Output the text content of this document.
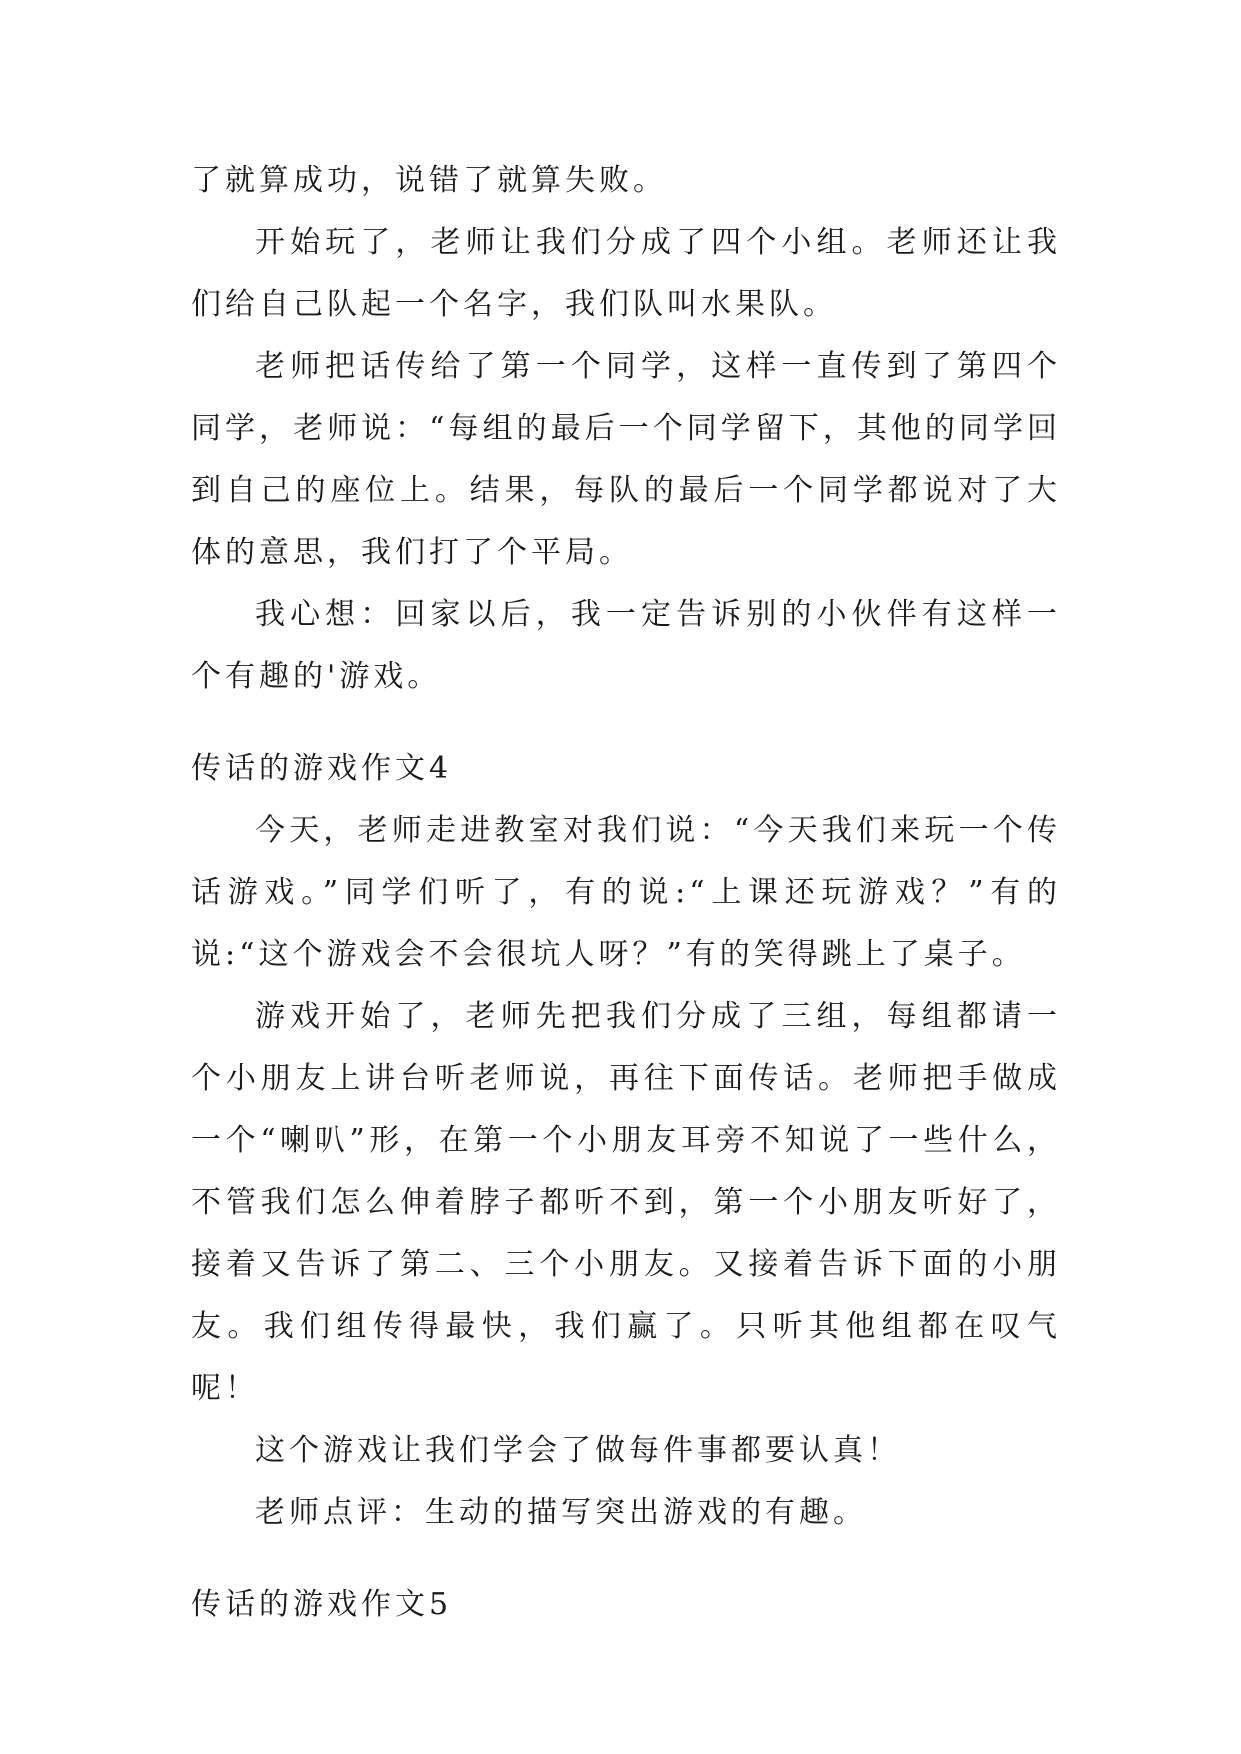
了就算成功，说错了就算失败。

开始玩了，老师让我们分成了四个小组。老师还让我们给自己队起一个名字，我们队叫水果队。

老师把话传给了第一个同学，这样一直传到了第四个同学，老师说：“每组的最后一个同学留下，其他的同学回到自己的座位上。结果，每队的最后一个同学都说对了大体的意思，我们打了个平局。

我心想：回家以后，我一定告诉别的小伙伴有这样一个有趣的'游戏。

传话的游戏作文4

今天，老师走进教室对我们说：“今天我们来玩一个传话游戏。”同学们听了，有的说:“上课还玩游戏？”有的说:“这个游戏会不会很坑人呀？”有的笑得跳上了桌子。

游戏开始了，老师先把我们分成了三组，每组都请一个小朋友上讲台听老师说，再往下面传话。老师把手做成一个“喇叭”形，在第一个小朋友耳旁不知说了一些什么，不管我们怎么伸着脖子都听不到，第一个小朋友听好了，接着又告诉了第二、三个小朋友。又接着告诉下面的小朋友。我们组传得最快，我们赢了。只听其他组都在叹气呢！

这个游戏让我们学会了做每件事都要认真！

老师点评：生动的描写突出游戏的有趣。

传话的游戏作文5
